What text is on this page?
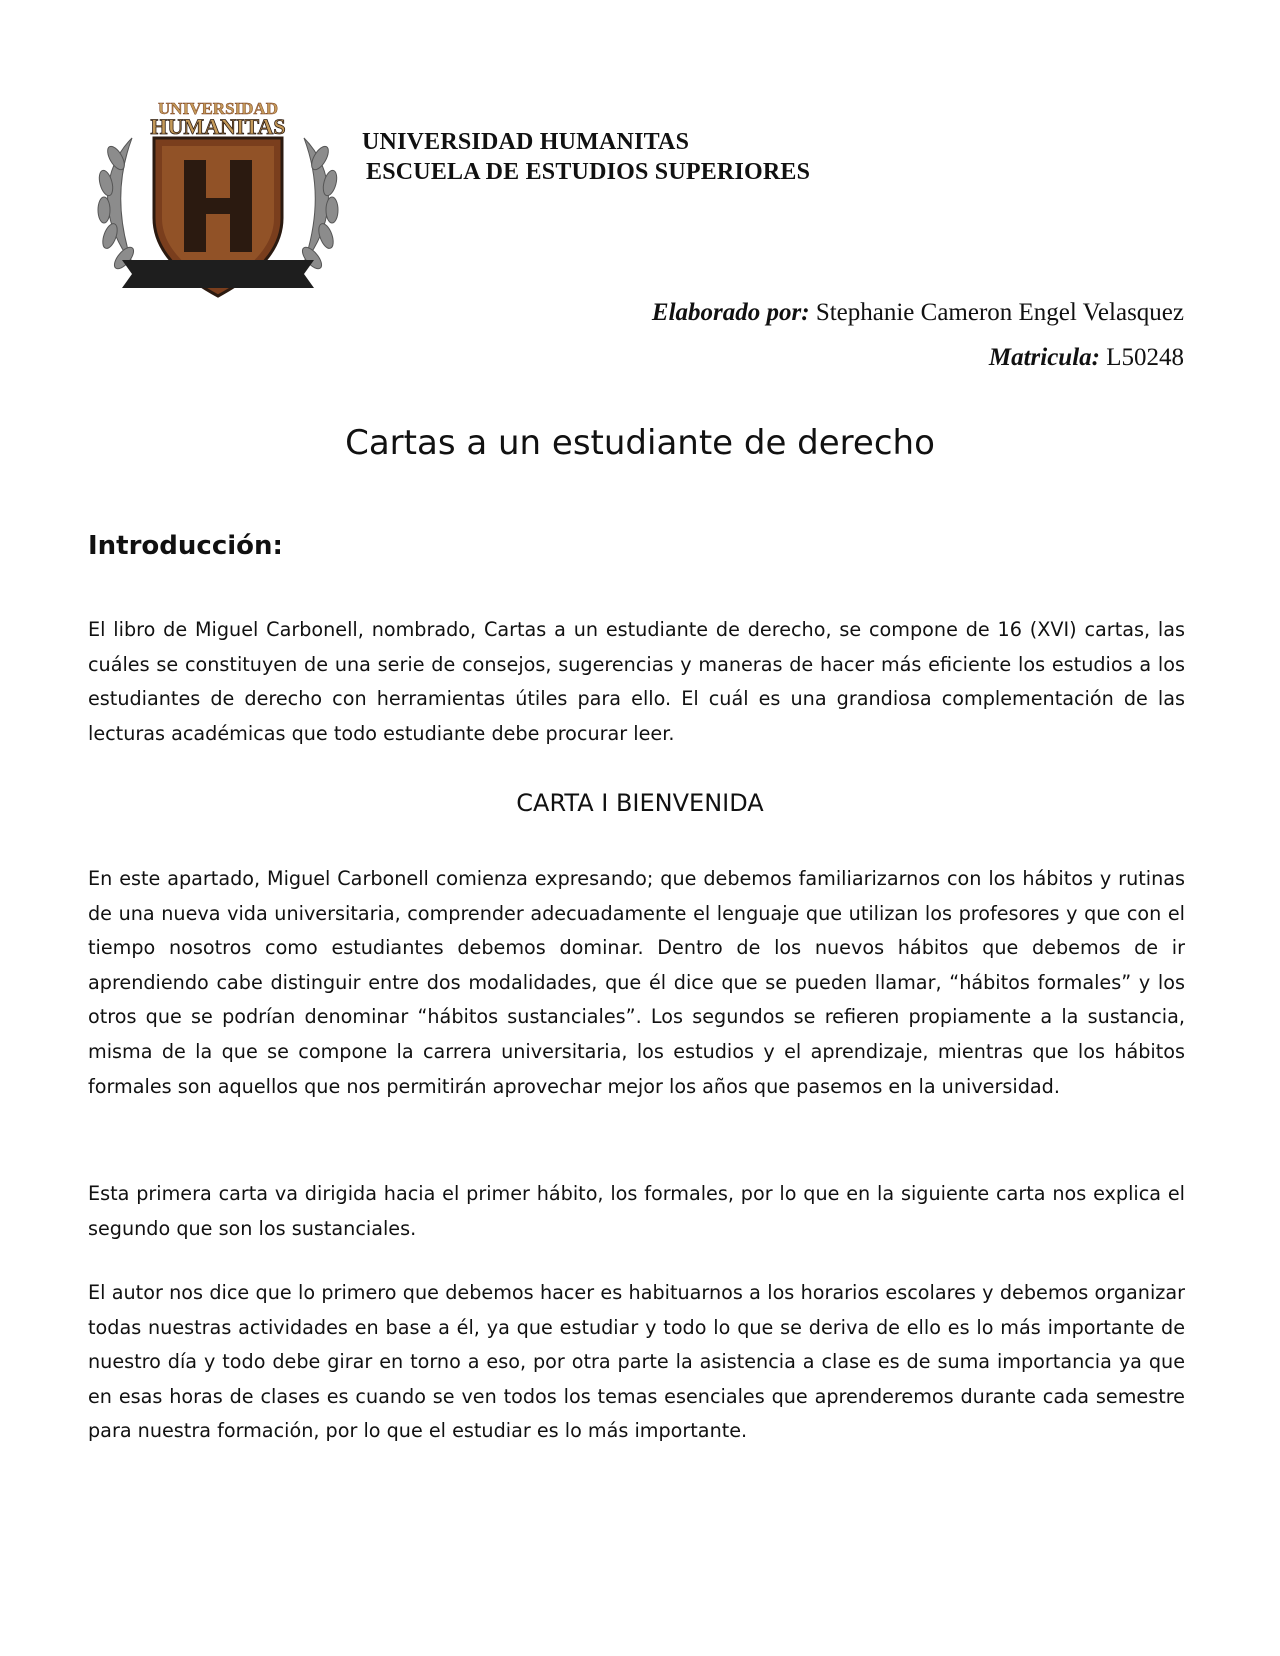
UNIVERSIDAD
HUMANITAS
UNIVERSIDAD HUMANITAS
ESCUELA DE ESTUDIOS SUPERIORES
Elaborado por: Stephanie Cameron Engel Velasquez
Matricula: L50248
Cartas a un estudiante de derecho
Introducción:

El libro de Miguel Carbonell, nombrado, Cartas a un estudiante de derecho, se compone de 16 (XVI) cartas, las cuáles se constituyen de una serie de consejos, sugerencias y maneras de hacer más eficiente los estudios a los estudiantes de derecho con herramientas útiles para ello. El cuál es una grandiosa complementación de las lecturas académicas que todo estudiante debe procurar leer.

CARTA I BIENVENIDA

En este apartado, Miguel Carbonell comienza expresando; que debemos familiarizarnos con los hábitos y rutinas de una nueva vida universitaria, comprender adecuadamente el lenguaje que utilizan los profesores y que con el tiempo nosotros como estudiantes debemos dominar. Dentro de los nuevos hábitos que debemos de ir aprendiendo cabe distinguir entre dos modalidades, que él dice que se pueden llamar, “hábitos formales” y los otros que se podrían denominar “hábitos sustanciales”. Los segundos se refieren propiamente a la sustancia, misma de la que se compone la carrera universitaria, los estudios y el aprendizaje, mientras que los hábitos formales son aquellos que nos permitirán aprovechar mejor los años que pasemos en la universidad.

Esta primera carta va dirigida hacia el primer hábito, los formales, por lo que en la siguiente carta nos explica el segundo que son los sustanciales.

El autor nos dice que lo primero que debemos hacer es habituarnos a los horarios escolares y debemos organizar todas nuestras actividades en base a él, ya que estudiar y todo lo que se deriva de ello es lo más importante de nuestro día y todo debe girar en torno a eso, por otra parte la asistencia a clase es de suma importancia ya que en esas horas de clases es cuando se ven todos los temas esenciales que aprenderemos durante cada semestre para nuestra formación, por lo que el estudiar es lo más importante.
